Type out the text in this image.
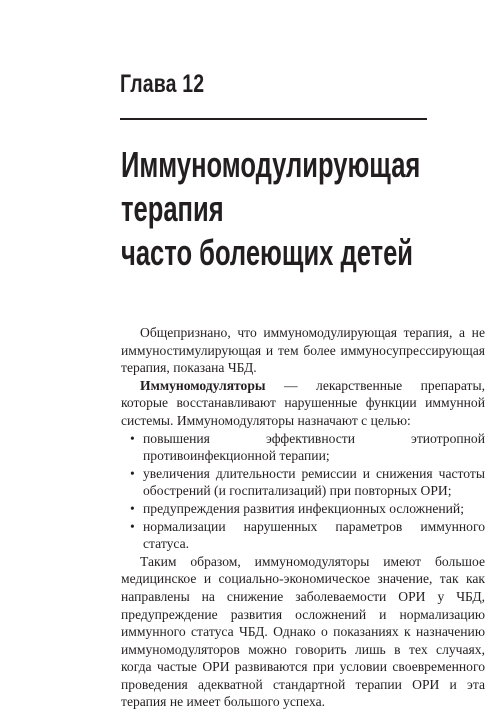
Глава 12
Иммуномодулирующая
терапия
часто болеющих детей

Общепризнано, что иммуномодулирующая терапия, а не иммуностимулирующая и тем более иммуносупрессирующая терапия, показана ЧБД.

Иммуномодуляторы — лекарственные препараты, которые восстанавливают нарушенные функции иммунной системы. Иммуномодуляторы назначают с целью:

• повышения эффективности этиотропной противоинфекционной терапии;
• увеличения длительности ремиссии и снижения частоты обострений (и госпитализаций) при повторных ОРИ;
• предупреждения развития инфекционных осложнений;
• нормализации нарушенных параметров иммунного статуса.

Таким образом, иммуномодуляторы имеют большое медицинское и социально-экономическое значение, так как направлены на снижение заболеваемости ОРИ у ЧБД, предупреждение развития осложнений и нормализацию иммунного статуса ЧБД. Однако о показаниях к назначению иммуномодуляторов можно говорить лишь в тех случаях, когда частые ОРИ развиваются при условии своевременного проведения адекватной стандартной терапии ОРИ и эта терапия не имеет большого успеха.
